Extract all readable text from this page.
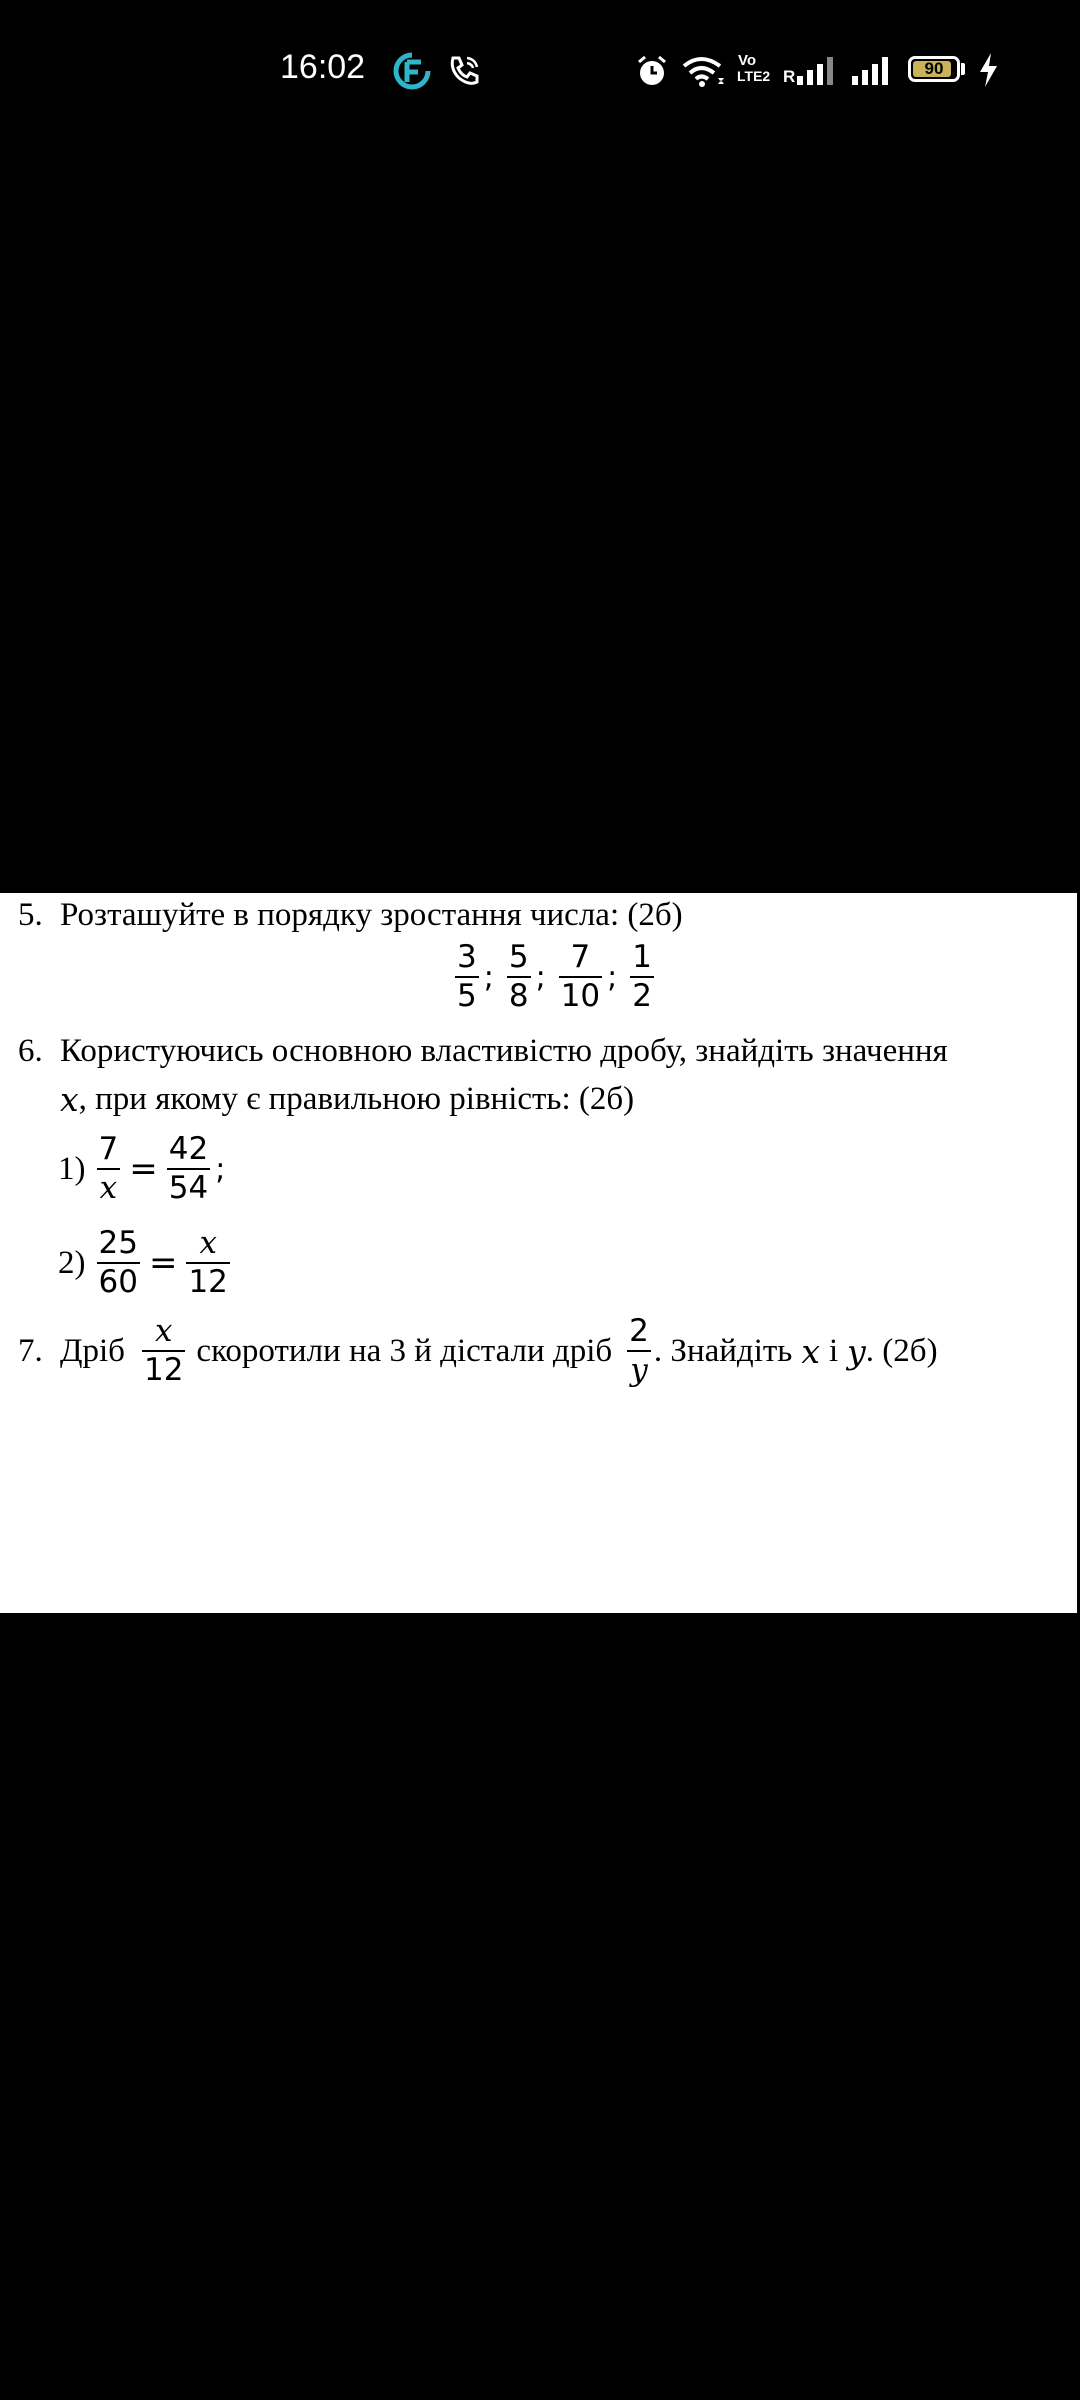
16:02	Vo
LTE2 R	90
5. Розташуйте в порядку зростання числа: (2б)
$\frac{3}{5}$ ; $\frac{5}{8}$ ; $\frac{7}{10}$ ; $\frac{1}{2}$
6. Користуючись основною властивістю дробу, знайдіть значення
x , при якому є правильною рівність: (2б)
$1) \frac{7}{x} = \frac{42}{54}$ ;
$2) \frac{25}{60} = \frac{x}{12}$
7. Дріб $\frac{x}{12}$ скоротили на 3 й дістали дріб $\frac{2}{y}$ . Знайдіть x і y . (2б)
